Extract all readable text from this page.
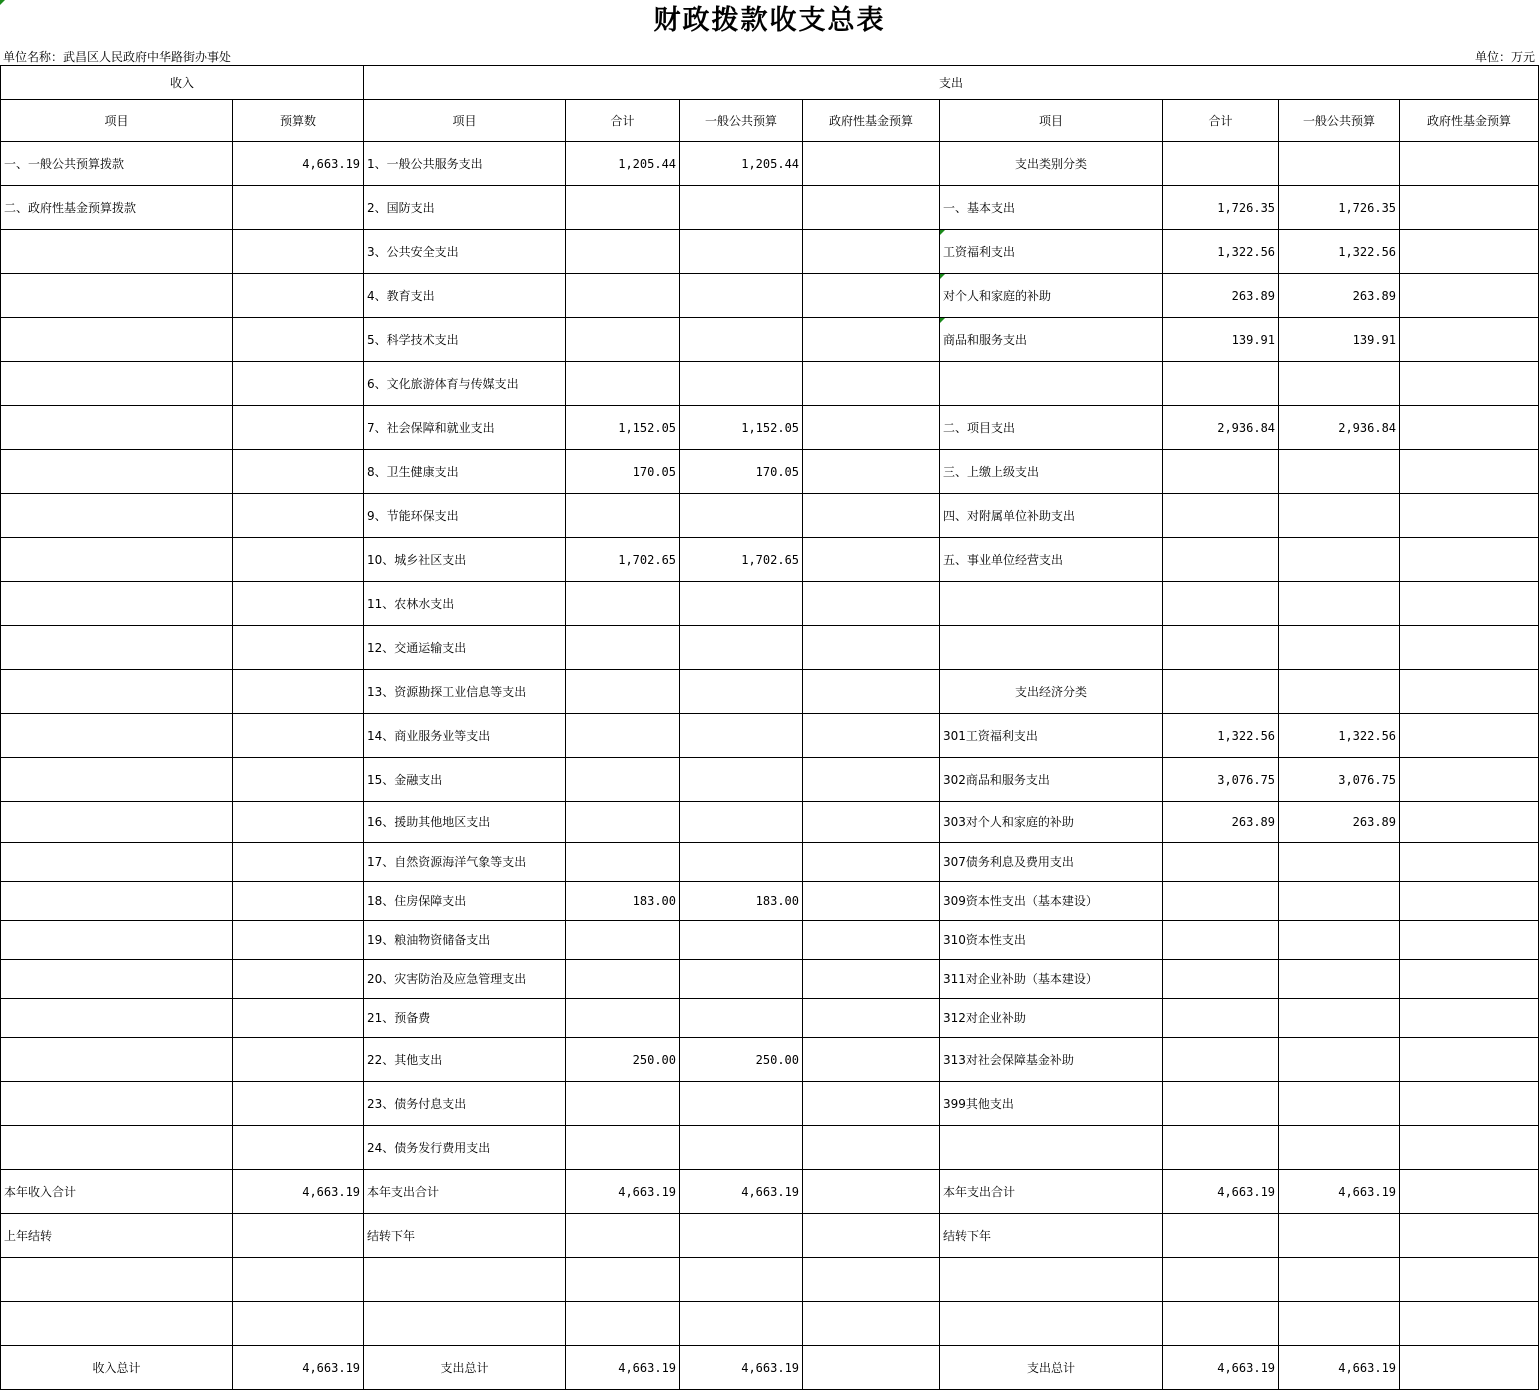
财政拨款收支总表
单位名称：武昌区人民政府中华路街办事处	单位：万元
收入		支出							
项目	预算数	项目	合计	一般公共预算	政府性基金预算	项目	合计	一般公共预算	政府性基金预算
一、一般公共预算拨款	4,663.19	1、一般公共服务支出	1,205.44	1,205.44		支出类别分类			
二、政府性基金预算拨款		2、国防支出				一、基本支出	1,726.35	1,726.35	
		3、公共安全支出				工资福利支出	1,322.56	1,322.56	
		4、教育支出				对个人和家庭的补助	263.89	263.89	
		5、科学技术支出				商品和服务支出	139.91	139.91	
		6、文化旅游体育与传媒支出							
		7、社会保障和就业支出	1,152.05	1,152.05		二、项目支出	2,936.84	2,936.84	
		8、卫生健康支出	170.05	170.05		三、上缴上级支出			
		9、节能环保支出				四、对附属单位补助支出			
		10、城乡社区支出	1,702.65	1,702.65		五、事业单位经营支出			
		11、农林水支出							
		12、交通运输支出							
		13、资源勘探工业信息等支出				支出经济分类			
		14、商业服务业等支出				301工资福利支出	1,322.56	1,322.56	
		15、金融支出				302商品和服务支出	3,076.75	3,076.75	
		16、援助其他地区支出				303对个人和家庭的补助	263.89	263.89	
		17、自然资源海洋气象等支出				307债务利息及费用支出			
		18、住房保障支出	183.00	183.00		309资本性支出（基本建设）			
		19、粮油物资储备支出				310资本性支出			
		20、灾害防治及应急管理支出				311对企业补助（基本建设）			
		21、预备费				312对企业补助			
		22、其他支出	250.00	250.00		313对社会保障基金补助			
		23、债务付息支出				399其他支出			
		24、债务发行费用支出							
本年收入合计	4,663.19	本年支出合计	4,663.19	4,663.19		本年支出合计	4,663.19	4,663.19	
上年结转		结转下年				结转下年			

收入总计	4,663.19	支出总计	4,663.19	4,663.19		支出总计	4,663.19	4,663.19	
